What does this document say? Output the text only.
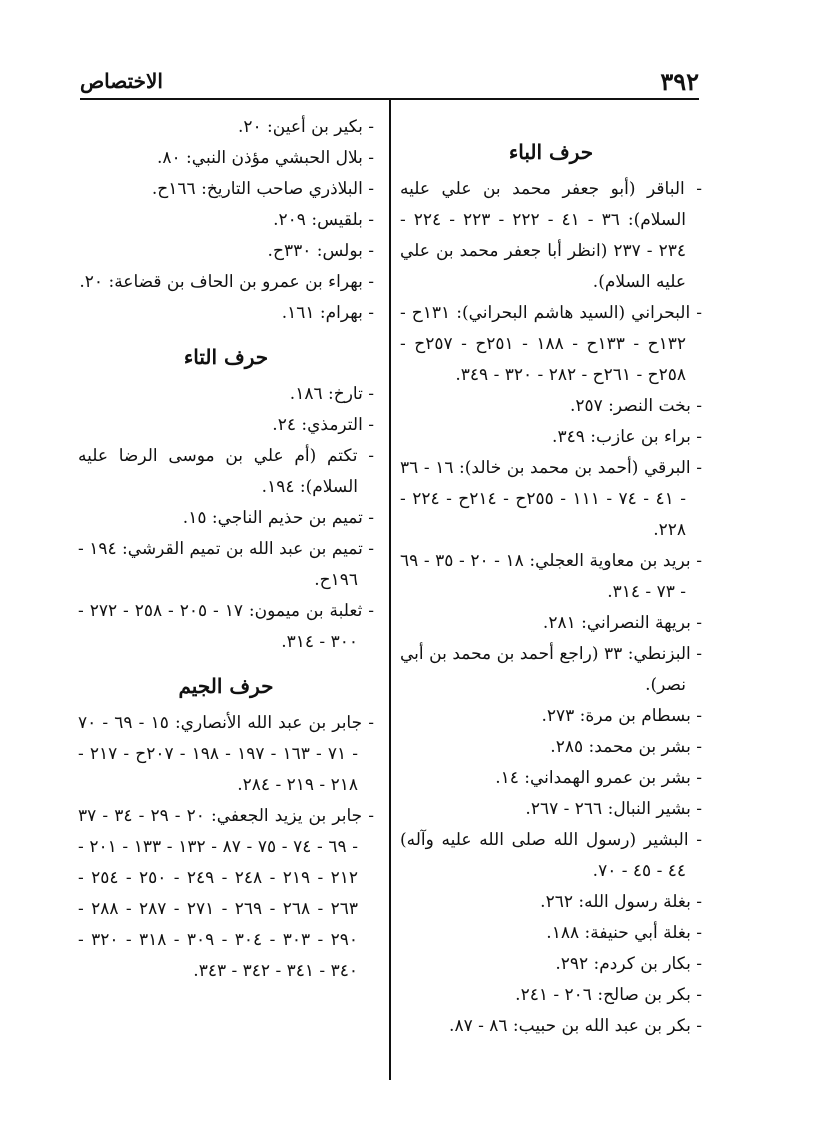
٣٩٢
الاختصاص
حرف الباء
- الباقر (أبو جعفر محمد بن علي عليه السلام): ٣٦ - ٤١ - ٢٢٢ - ٢٢٣ - ٢٢٤ - ٢٣٤ - ٢٣٧ (انظر أبا جعفر محمد بن علي عليه السلام).
- البحراني (السيد هاشم البحراني): ١٣١ح - ١٣٢ح - ١٣٣ح - ١٨٨ - ٢٥١ح - ٢٥٧ح - ٢٥٨ح - ٢٦١ح - ٢٨٢ - ٣٢٠ - ٣٤٩.
- بخت النصر: ٢٥٧.
- براء بن عازب: ٣٤٩.
- البرقي (أحمد بن محمد بن خالد): ١٦ - ٣٦ - ٤١ - ٧٤ - ١١١ - ٢٥٥ح - ٢١٤ح - ٢٢٤ - ٢٢٨.
- بريد بن معاوية العجلي: ١٨ - ٢٠ - ٣٥ - ٦٩ - ٧٣ - ٣١٤.
- بريهة النصراني: ٢٨١.
- البزنطي: ٣٣ (راجع أحمد بن محمد بن أبي نصر).
- بسطام بن مرة: ٢٧٣.
- بشر بن محمد: ٢٨٥.
- بشر بن عمرو الهمداني: ١٤.
- بشير النبال: ٢٦٦ - ٢٦٧.
- البشير (رسول الله صلى الله عليه وآله) ٤٤ - ٤٥ - ٧٠.
- بغلة رسول الله: ٢٦٢.
- بغلة أبي حنيفة: ١٨٨.
- بكار بن كردم: ٢٩٢.
- بكر بن صالح: ٢٠٦ - ٢٤١.
- بكر بن عبد الله بن حبيب: ٨٦ - ٨٧.
- بكير بن أعين: ٢٠.
- بلال الحبشي مؤذن النبي: ٨٠.
- البلاذري صاحب التاريخ: ١٦٦ح.
- بلقيس: ٢٠٩.
- بولس: ٣٣٠ح.
- بهراء بن عمرو بن الحاف بن قضاعة: ٢٠.
- بهرام: ١٦١.
حرف التاء
- تارخ: ١٨٦.
- الترمذي: ٢٤.
- تكتم (أم علي بن موسى الرضا عليه السلام): ١٩٤.
- تميم بن حذيم الناجي: ١٥.
- تميم بن عبد الله بن تميم القرشي: ١٩٤ - ١٩٦ح.
- ثعلبة بن ميمون: ١٧ - ٢٠٥ - ٢٥٨ - ٢٧٢ - ٣٠٠ - ٣١٤.
حرف الجيم
- جابر بن عبد الله الأنصاري: ١٥ - ٦٩ - ٧٠ - ٧١ - ١٦٣ - ١٩٧ - ١٩٨ - ٢٠٧ح - ٢١٧ - ٢١٨ - ٢١٩ - ٢٨٤.
- جابر بن يزيد الجعفي: ٢٠ - ٢٩ - ٣٤ - ٣٧ - ٦٩ - ٧٤ - ٧٥ - ٨٧ - ١٣٢ - ١٣٣ - ٢٠١ - ٢١٢ - ٢١٩ - ٢٤٨ - ٢٤٩ - ٢٥٠ - ٢٥٤ - ٢٦٣ - ٢٦٨ - ٢٦٩ - ٢٧١ - ٢٨٧ - ٢٨٨ - ٢٩٠ - ٣٠٣ - ٣٠٤ - ٣٠٩ - ٣١٨ - ٣٢٠ - ٣٤٠ - ٣٤١ - ٣٤٢ - ٣٤٣.
